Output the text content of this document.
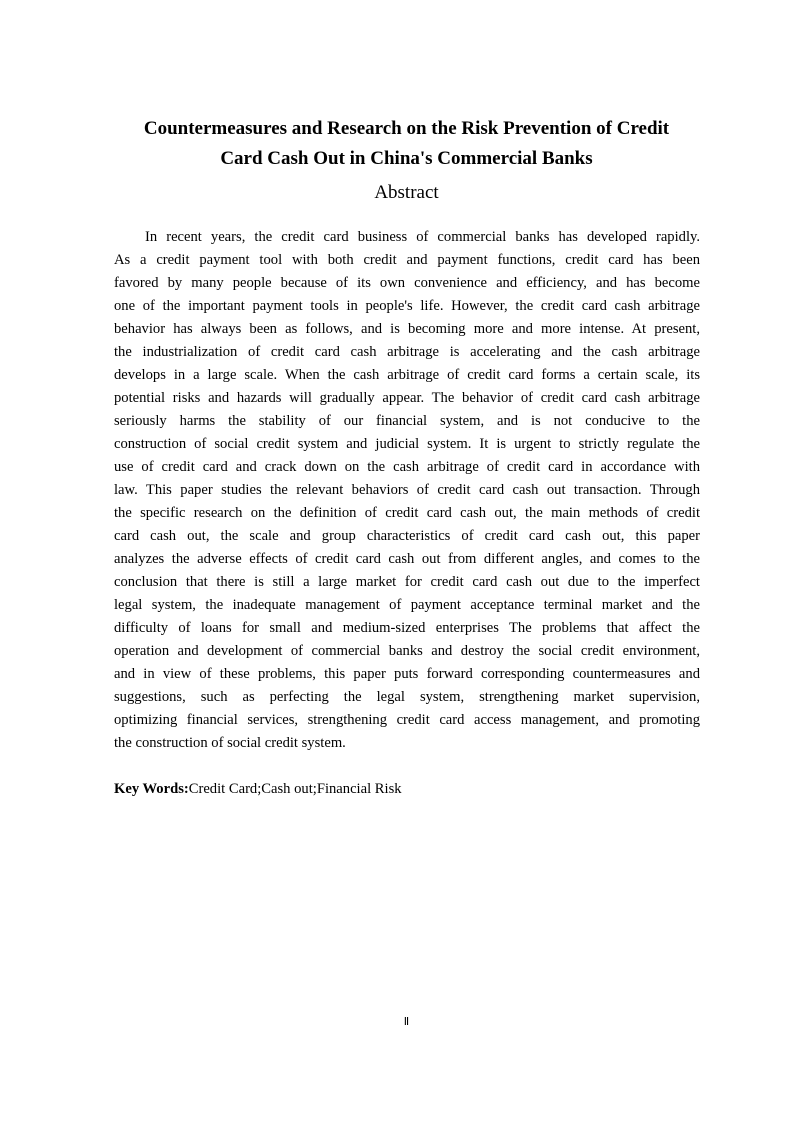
Countermeasures and Research on the Risk Prevention of Credit
Card Cash Out in China's Commercial Banks
Abstract
In recent years, the credit card business of commercial banks has developed rapidly.
As a credit payment tool with both credit and payment functions, credit card has been
favored by many people because of its own convenience and efficiency, and has become
one of the important payment tools in people's life. However, the credit card cash arbitrage
behavior has always been as follows, and is becoming more and more intense. At present,
the industrialization of credit card cash arbitrage is accelerating and the cash arbitrage
develops in a large scale. When the cash arbitrage of credit card forms a certain scale, its
potential risks and hazards will gradually appear. The behavior of credit card cash arbitrage
seriously harms the stability of our financial system, and is not conducive to the
construction of social credit system and judicial system. It is urgent to strictly regulate the
use of credit card and crack down on the cash arbitrage of credit card in accordance with
law. This paper studies the relevant behaviors of credit card cash out transaction. Through
the specific research on the definition of credit card cash out, the main methods of credit
card cash out, the scale and group characteristics of credit card cash out, this paper
analyzes the adverse effects of credit card cash out from different angles, and comes to the
conclusion that there is still a large market for credit card cash out due to the imperfect
legal system, the inadequate management of payment acceptance terminal market and the
difficulty of loans for small and medium-sized enterprises The problems that affect the
operation and development of commercial banks and destroy the social credit environment,
and in view of these problems, this paper puts forward corresponding countermeasures and
suggestions, such as perfecting the legal system, strengthening market supervision,
optimizing financial services, strengthening credit card access management, and promoting
the construction of social credit system.
Key Words:Credit Card;Cash out;Financial Risk
Ⅱ
